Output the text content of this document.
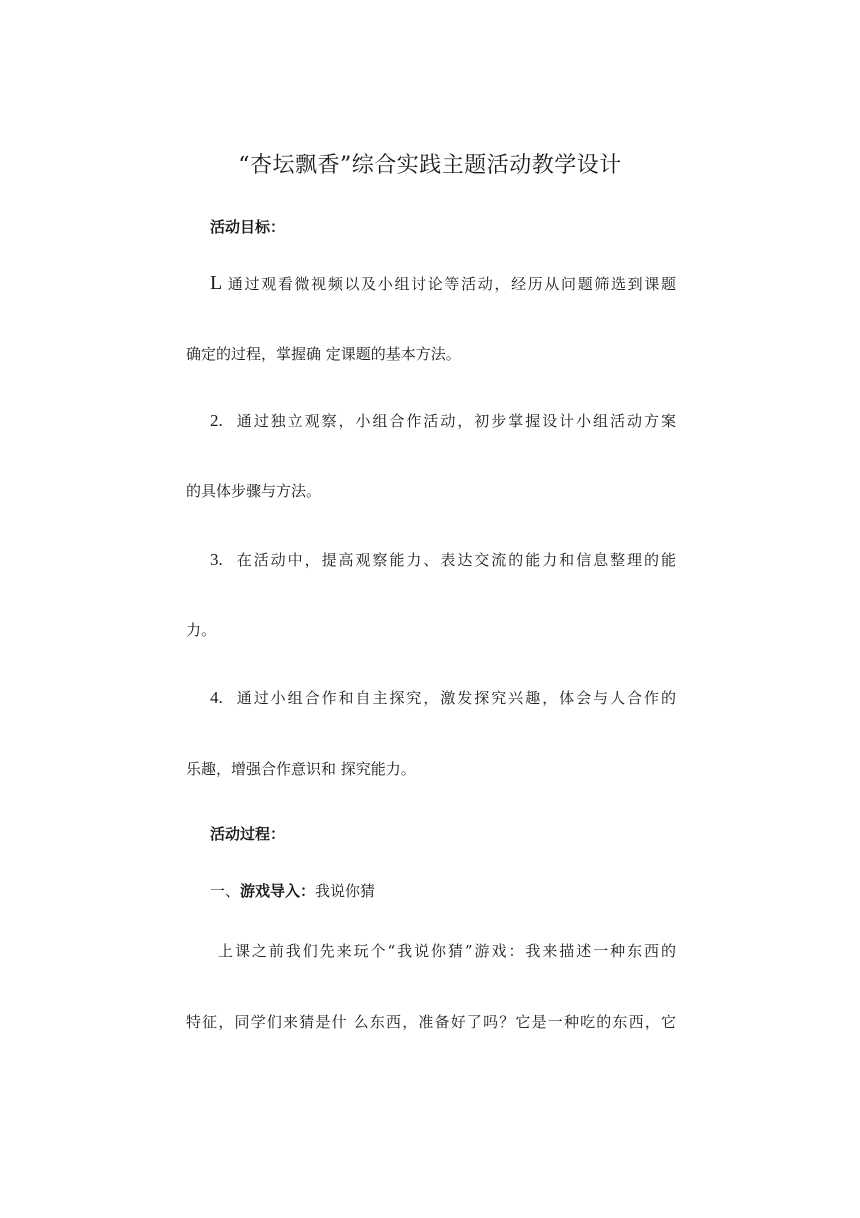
“杏坛飘香”综合实践主题活动教学设计
活动目标：
L 通过观看微视频以及小组讨论等活动，经历从问题筛选到课题
确定的过程，掌握确 定课题的基本方法。
2. 通过独立观察，小组合作活动，初步掌握设计小组活动方案
的具体步骤与方法。
3. 在活动中，提高观察能力、表达交流的能力和信息整理的能
力。
4. 通过小组合作和自主探究，激发探究兴趣，体会与人合作的
乐趣，增强合作意识和 探究能力。
活动过程：
一、游戏导入：我说你猜
上课之前我们先来玩个“我说你猜”游戏：我来描述一种东西的
特征，同学们来猜是什 么东西，准备好了吗？它是一种吃的东西，它
